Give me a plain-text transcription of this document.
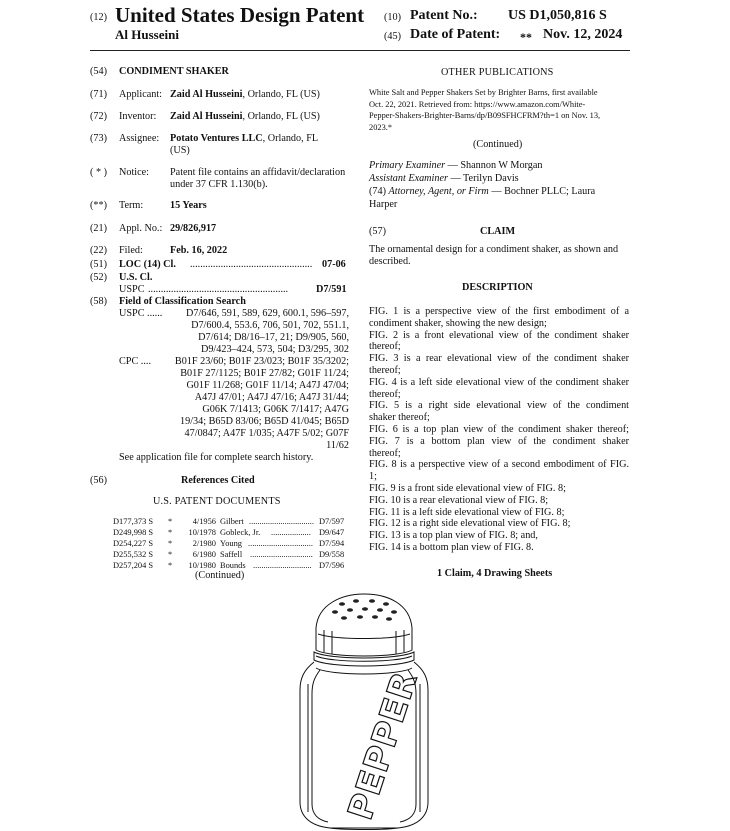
(12) United States Design Patent
Al Husseini
(10) Patent No.: US D1,050,816 S
(45) Date of Patent: ** Nov. 12, 2024
(54) CONDIMENT SHAKER
(71) Applicant: Zaid Al Husseini, Orlando, FL (US)
(72) Inventor: Zaid Al Husseini, Orlando, FL (US)
(73) Assignee: Potato Ventures LLC, Orlando, FL
(US)
( * ) Notice: Patent file contains an affidavit/declaration
under 37 CFR 1.130(b).
(**) Term:	15 Years
(21) Appl. No.: 29/826,917
(22) Filed:	Feb. 16, 2022
(51) LOC (14) Cl. ................................................ 07-06
(52) U.S. Cl.
USPC .......................................................	D7/591
(58) Field of Classification Search
USPC ......	D7/646, 591, 589, 629, 600.1, 596–597,
D7/600.4, 553.6, 706, 501, 702, 551.1,
D7/614; D8/16–17, 21; D9/905, 560,
D9/423–424, 573, 504; D3/295, 302
CPC ....	B01F 23/60; B01F 23/023; B01F 35/3202;
B01F 27/1125; B01F 27/82; G01F 11/24;
G01F 11/268; G01F 11/14; A47J 47/04;
A47J 47/01; A47J 47/16; A47J 31/44;
G06K 7/1413; G06K 7/1417; A47G
19/34; B65D 83/06; B65D 41/045; B65D
47/0847; A47F 1/035; A47F 5/02; G07F
11/62
See application file for complete search history.
(56)	References Cited
U.S. PATENT DOCUMENTS
D177,373 S *	4/1956 Gilbert ............................... D7/597
D249,998 S *	10/1978 Gobleck, Jr. ................... D9/647
D254,227 S *	2/1980 Young ............................... D7/594
D255,532 S *	6/1980 Saffell .............................. D9/558
D257,204 S *	10/1980 Bounds ............................ D7/596
(Continued)
OTHER PUBLICATIONS
White Salt and Pepper Shakers Set by Brighter Barns, first available
Oct. 22, 2021. Retrieved from: https://www.amazon.com/White-
Pepper-Shakers-Brighter-Barns/dp/B09SFHCFRM?th=1 on Nov. 13,
2023.*
(Continued)
Primary Examiner — Shannon W Morgan
Assistant Examiner — Terilyn Davis
(74) Attorney, Agent, or Firm — Bochner PLLC; Laura
Harper
(57)	CLAIM
The ornamental design for a condiment shaker, as shown and
described.
DESCRIPTION
FIG. 1 is a perspective view of the first embodiment of a
condiment shaker, showing the new design;
FIG. 2 is a front elevational view of the condiment shaker
thereof;
FIG. 3 is a rear elevational view of the condiment shaker
thereof;
FIG. 4 is a left side elevational view of the condiment shaker
thereof;
FIG. 5 is a right side elevational view of the condiment
shaker thereof;
FIG. 6 is a top plan view of the condiment shaker thereof;
FIG. 7 is a bottom plan view of the condiment shaker
thereof;
FIG. 8 is a perspective view of a second embodiment of FIG.
1;
FIG. 9 is a front side elevational view of FIG. 8;
FIG. 10 is a rear elevational view of FIG. 8;
FIG. 11 is a left side elevational view of FIG. 8;
FIG. 12 is a right side elevational view of FIG. 8;
FIG. 13 is a top plan view of FIG. 8; and,
FIG. 14 is a bottom plan view of FIG. 8.
1 Claim, 4 Drawing Sheets
PEPPER
